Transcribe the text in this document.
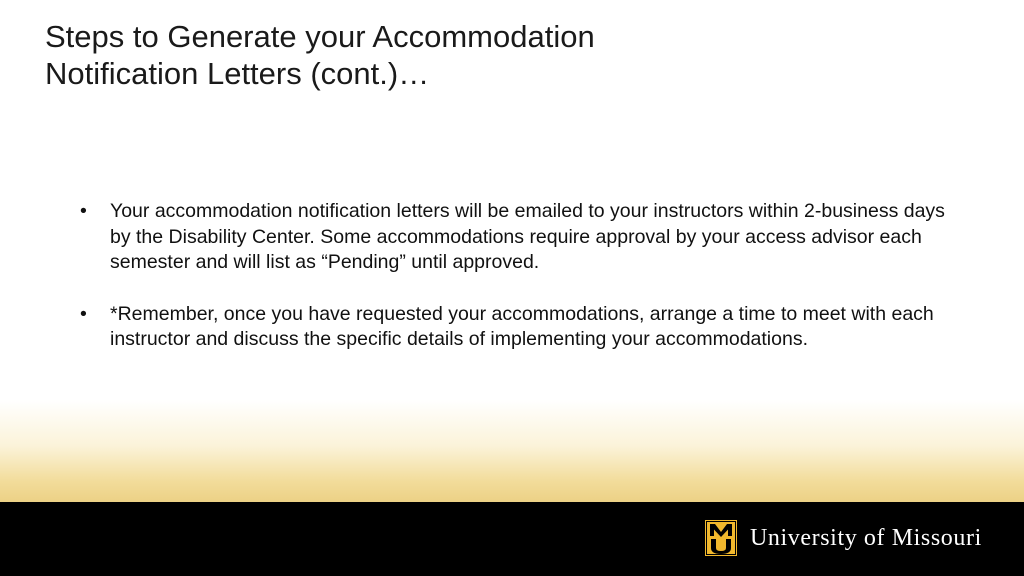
Steps to Generate your Accommodation
Notification Letters (cont.)…
•	Your accommodation notification letters will be emailed to your instructors within 2-business days by the Disability Center. Some accommodations require approval by your access advisor each semester and will list as “Pending” until approved.
•	*Remember, once you have requested your accommodations, arrange a time to meet with each instructor and discuss the specific details of implementing your accommodations.
University of Missouri
